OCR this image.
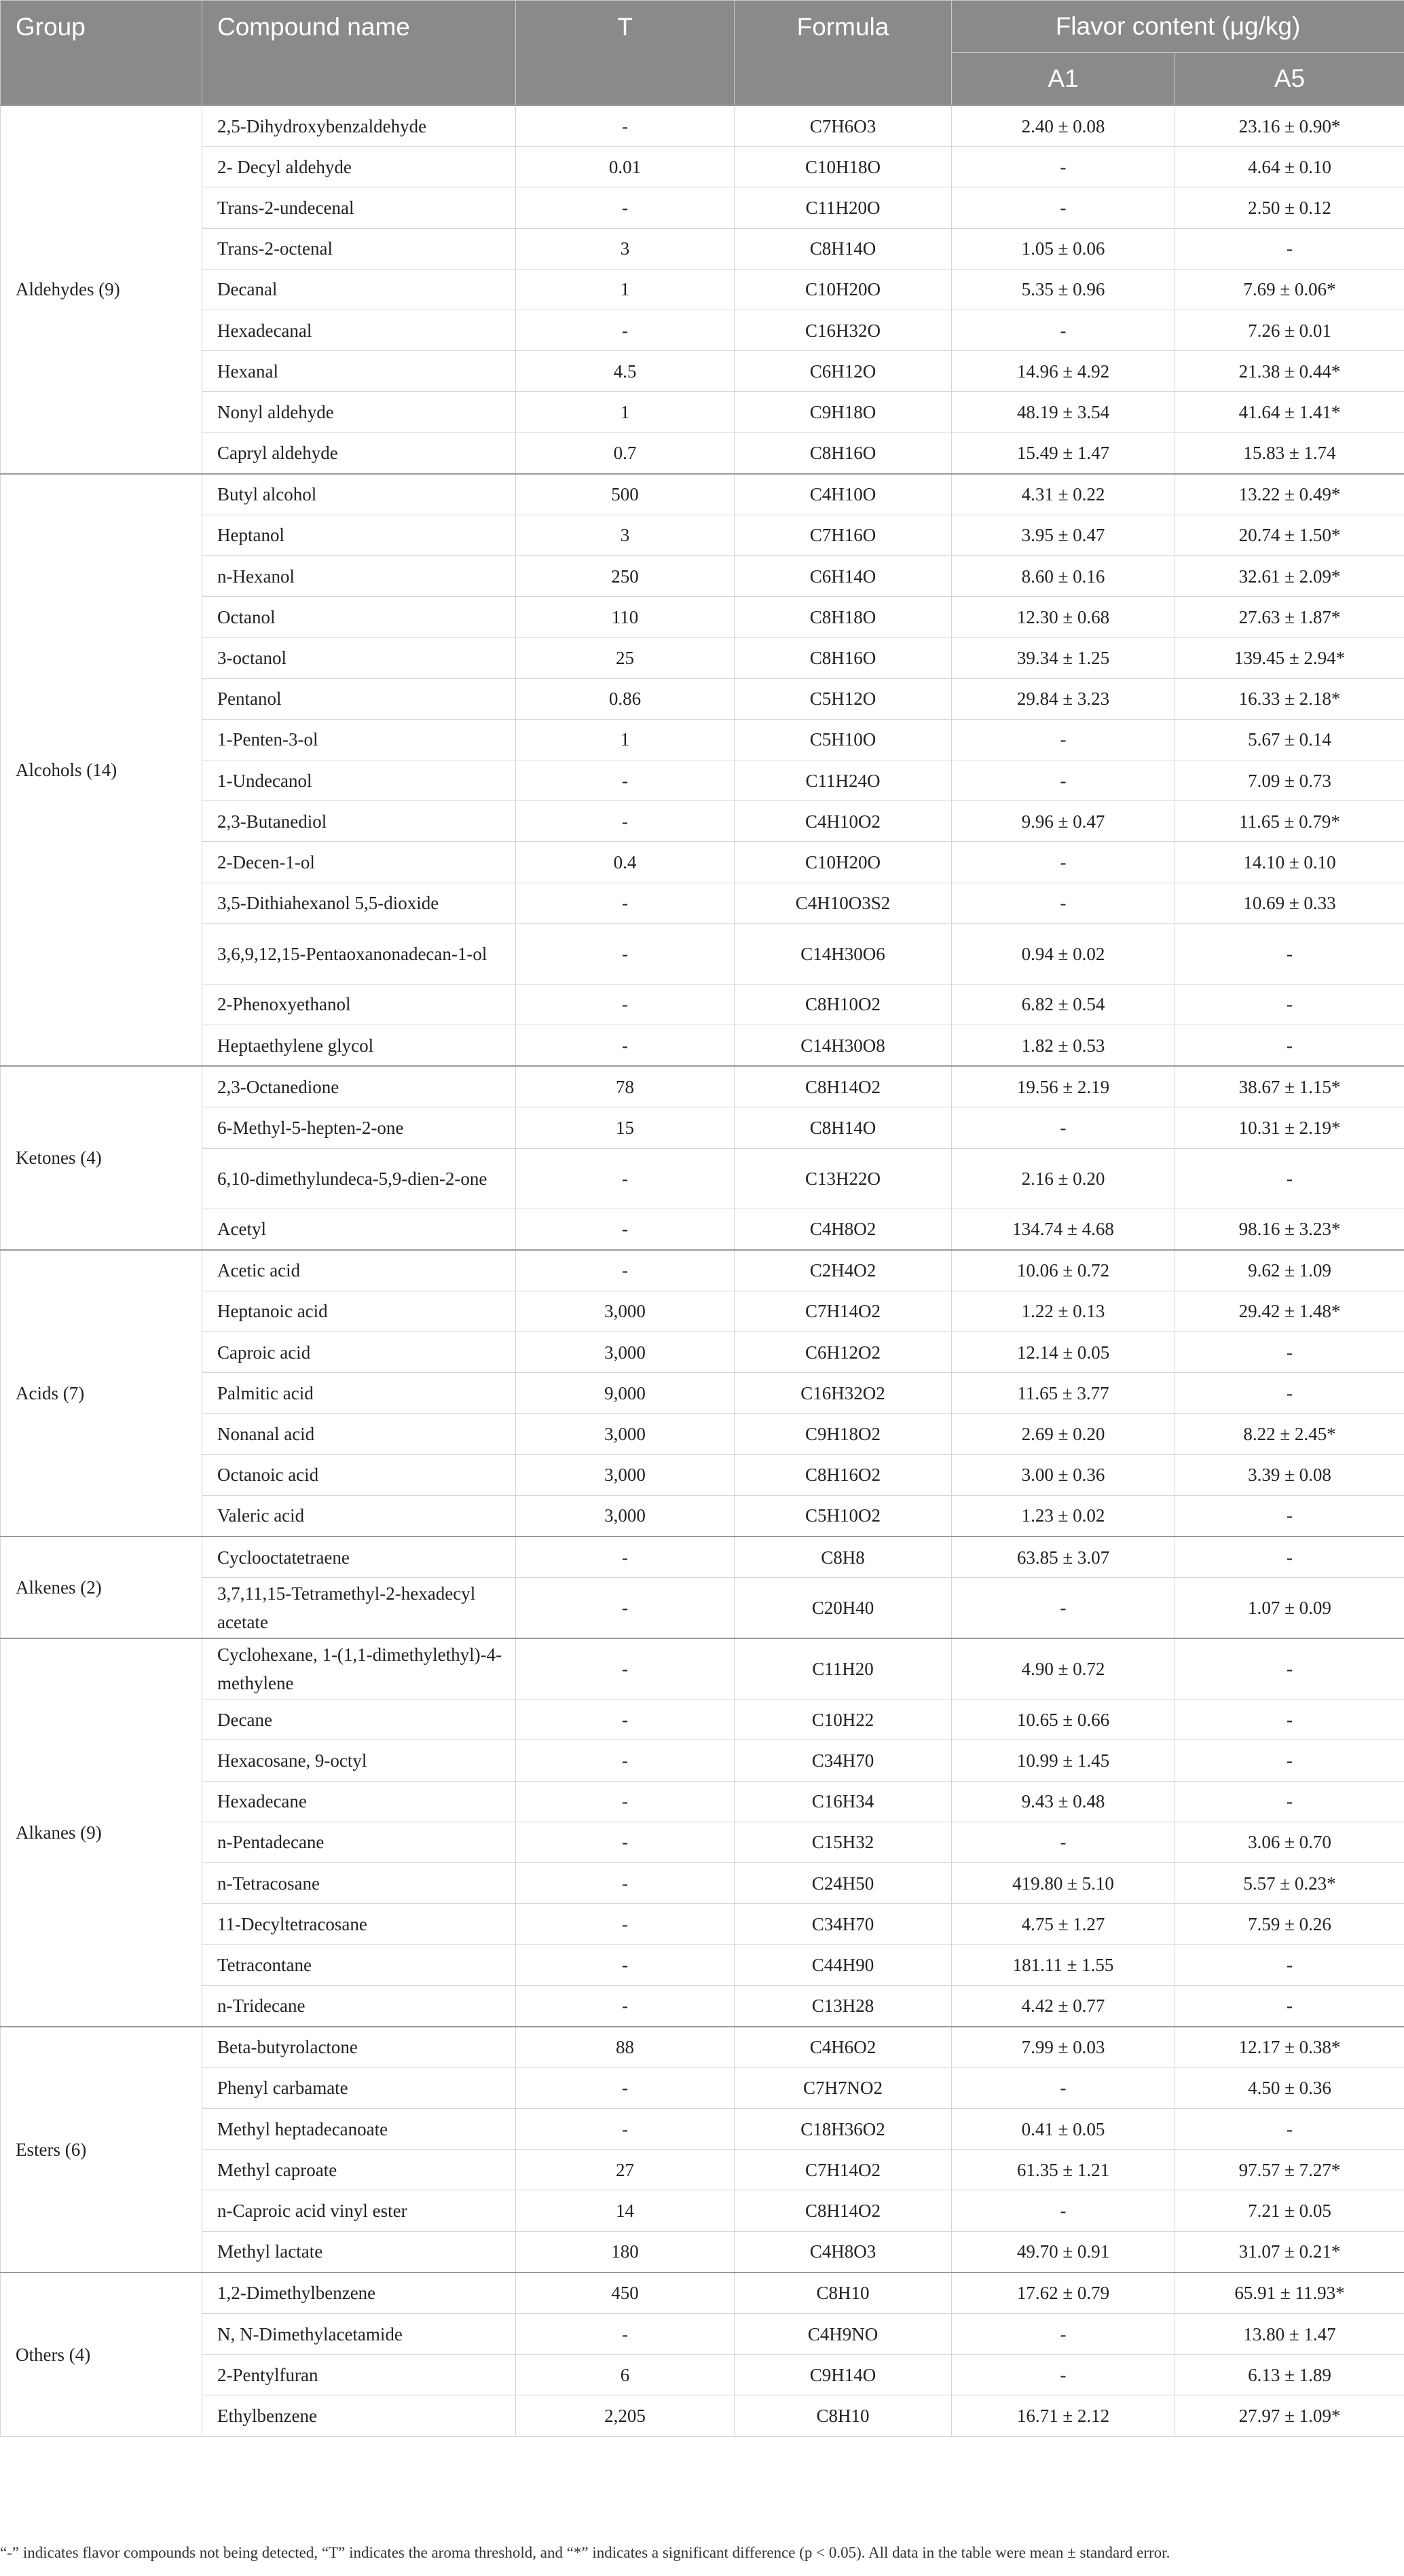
Group	Compound name	T	Formula	Flavor content (μg/kg)	
				A1	A5
Aldehydes (9)	2,5-Dihydroxybenzaldehyde	-	C7H6O3	2.40 ± 0.08	23.16 ± 0.90*
	2- Decyl aldehyde	0.01	C10H18O	-	4.64 ± 0.10
	Trans-2-undecenal	-	C11H20O	-	2.50 ± 0.12
	Trans-2-octenal	3	C8H14O	1.05 ± 0.06	-
	Decanal	1	C10H20O	5.35 ± 0.96	7.69 ± 0.06*
	Hexadecanal	-	C16H32O	-	7.26 ± 0.01
	Hexanal	4.5	C6H12O	14.96 ± 4.92	21.38 ± 0.44*
	Nonyl aldehyde	1	C9H18O	48.19 ± 3.54	41.64 ± 1.41*
	Capryl aldehyde	0.7	C8H16O	15.49 ± 1.47	15.83 ± 1.74
Alcohols (14)	Butyl alcohol	500	C4H10O	4.31 ± 0.22	13.22 ± 0.49*
	Heptanol	3	C7H16O	3.95 ± 0.47	20.74 ± 1.50*
	n-Hexanol	250	C6H14O	8.60 ± 0.16	32.61 ± 2.09*
	Octanol	110	C8H18O	12.30 ± 0.68	27.63 ± 1.87*
	3-octanol	25	C8H16O	39.34 ± 1.25	139.45 ± 2.94*
	Pentanol	0.86	C5H12O	29.84 ± 3.23	16.33 ± 2.18*
	1-Penten-3-ol	1	C5H10O	-	5.67 ± 0.14
	1-Undecanol	-	C11H24O	-	7.09 ± 0.73
	2,3-Butanediol	-	C4H10O2	9.96 ± 0.47	11.65 ± 0.79*
	2-Decen-1-ol	0.4	C10H20O	-	14.10 ± 0.10
	3,5-Dithiahexanol 5,5-dioxide	-	C4H10O3S2	-	10.69 ± 0.33
	3,6,9,12,15-Pentaoxanonadecan-1-ol	-	C14H30O6	0.94 ± 0.02	-
	2-Phenoxyethanol	-	C8H10O2	6.82 ± 0.54	-
	Heptaethylene glycol	-	C14H30O8	1.82 ± 0.53	-
Ketones (4)	2,3-Octanedione	78	C8H14O2	19.56 ± 2.19	38.67 ± 1.15*
	6-Methyl-5-hepten-2-one	15	C8H14O	-	10.31 ± 2.19*
	6,10-dimethylundeca-5,9-dien-2-one	-	C13H22O	2.16 ± 0.20	-
	Acetyl	-	C4H8O2	134.74 ± 4.68	98.16 ± 3.23*
Acids (7)	Acetic acid	-	C2H4O2	10.06 ± 0.72	9.62 ± 1.09
	Heptanoic acid	3,000	C7H14O2	1.22 ± 0.13	29.42 ± 1.48*
	Caproic acid	3,000	C6H12O2	12.14 ± 0.05	-
	Palmitic acid	9,000	C16H32O2	11.65 ± 3.77	-
	Nonanal acid	3,000	C9H18O2	2.69 ± 0.20	8.22 ± 2.45*
	Octanoic acid	3,000	C8H16O2	3.00 ± 0.36	3.39 ± 0.08
	Valeric acid	3,000	C5H10O2	1.23 ± 0.02	-
Alkenes (2)	Cyclooctatetraene	-	C8H8	63.85 ± 3.07	-
	3,7,11,15-Tetramethyl-2-hexadecyl acetate	-	C20H40	-	1.07 ± 0.09
Alkanes (9)	Cyclohexane, 1-(1,1-dimethylethyl)-4-methylene	-	C11H20	4.90 ± 0.72	-
	Decane	-	C10H22	10.65 ± 0.66	-
	Hexacosane, 9-octyl	-	C34H70	10.99 ± 1.45	-
	Hexadecane	-	C16H34	9.43 ± 0.48	-
	n-Pentadecane	-	C15H32	-	3.06 ± 0.70
	n-Tetracosane	-	C24H50	419.80 ± 5.10	5.57 ± 0.23*
	11-Decyltetracosane	-	C34H70	4.75 ± 1.27	7.59 ± 0.26
	Tetracontane	-	C44H90	181.11 ± 1.55	-
	n-Tridecane	-	C13H28	4.42 ± 0.77	-
Esters (6)	Beta-butyrolactone	88	C4H6O2	7.99 ± 0.03	12.17 ± 0.38*
	Phenyl carbamate	-	C7H7NO2	-	4.50 ± 0.36
	Methyl heptadecanoate	-	C18H36O2	0.41 ± 0.05	-
	Methyl caproate	27	C7H14O2	61.35 ± 1.21	97.57 ± 7.27*
	n-Caproic acid vinyl ester	14	C8H14O2	-	7.21 ± 0.05
	Methyl lactate	180	C4H8O3	49.70 ± 0.91	31.07 ± 0.21*
Others (4)	1,2-Dimethylbenzene	450	C8H10	17.62 ± 0.79	65.91 ± 11.93*
	N, N-Dimethylacetamide	-	C4H9NO	-	13.80 ± 1.47
	2-Pentylfuran	6	C9H14O	-	6.13 ± 1.89
	Ethylbenzene	2,205	C8H10	16.71 ± 2.12	27.97 ± 1.09*
“-” indicates flavor compounds not being detected, “T” indicates the aroma threshold, and “*” indicates a significant difference (p < 0.05). All data in the table were mean ± standard error.
